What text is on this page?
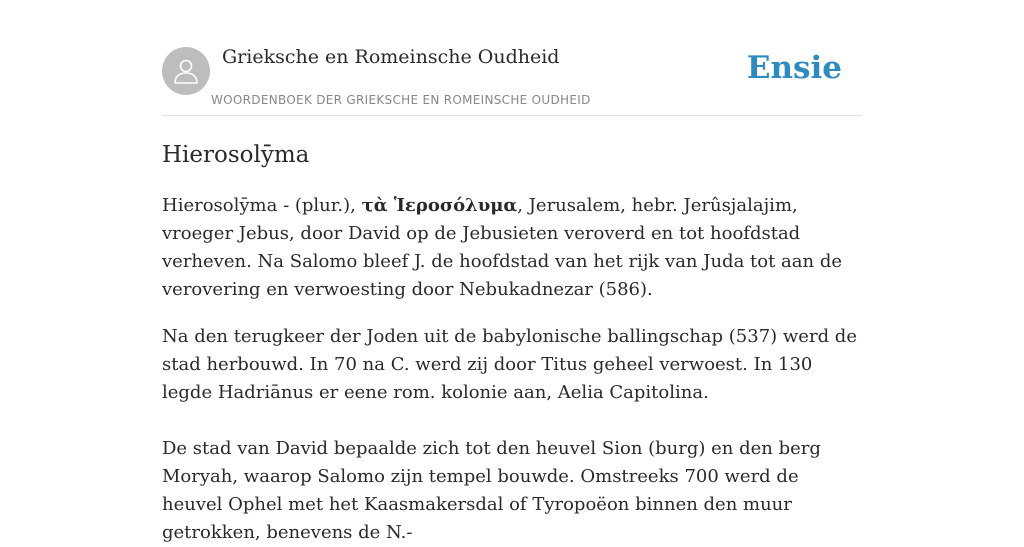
Grieksche en Romeinsche Oudheid
WOORDENBOEK DER GRIEKSCHE EN ROMEINSCHE OUDHEID
Ensie
Hierosolȳma

Hierosolȳma - (plur.), τὰ Ἱεροσόλυμα, Jerusalem, hebr. Jerûsjalajim, vroeger Jebus, door David op de Jebusieten veroverd en tot hoofdstad verheven. Na Salomo bleef J. de hoofdstad van het rijk van Juda tot aan de verovering en verwoesting door Nebukadnezar (586).

Na den terugkeer der Joden uit de babylonische ballingschap (537) werd de stad herbouwd. In 70 na C. werd zij door Titus geheel verwoest. In 130 legde Hadriānus er eene rom. kolonie aan, Aelia Capitolina.

De stad van David bepaalde zich tot den heuvel Sion (burg) en den berg Moryah, waarop Salomo zijn tempel bouwde. Omstreeks 700 werd de heuvel Ophel met het Kaasmakersdal of Tyropoëon binnen den muur getrokken, benevens de N.-
